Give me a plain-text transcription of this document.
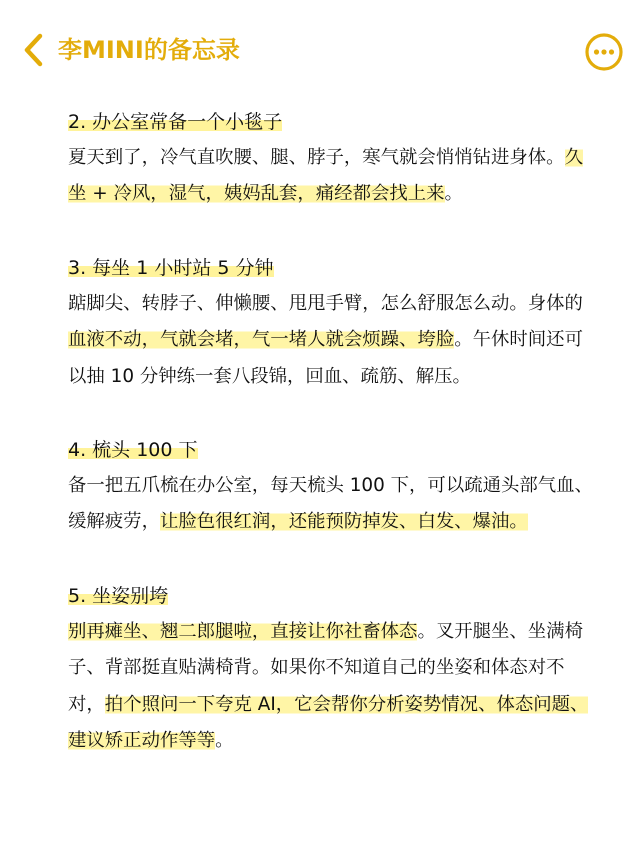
李MINI的备忘录

2. 办公室常备一个小毯子

夏天到了，冷气直吹腰、腿、脖子，寒气就会悄悄钻进身体。久坐 + 冷风，湿气，姨妈乱套，痛经都会找上来。

3. 每坐 1 小时站 5 分钟

踮脚尖、转脖子、伸懒腰、甩甩手臂，怎么舒服怎么动。身体的血液不动，气就会堵，气一堵人就会烦躁、垮脸。午休时间还可以抽 10 分钟练一套八段锦，回血、疏筋、解压。

4. 梳头 100 下

备一把五爪梳在办公室，每天梳头 100 下，可以疏通头部气血、缓解疲劳，让脸色很红润，还能预防掉发、白发、爆油。

5. 坐姿别垮

别再瘫坐、翘二郎腿啦，直接让你社畜体态。叉开腿坐、坐满椅子、背部挺直贴满椅背。如果你不知道自己的坐姿和体态对不对，拍个照问一下夸克 AI，它会帮你分析姿势情况、体态问题、建议矫正动作等等。
